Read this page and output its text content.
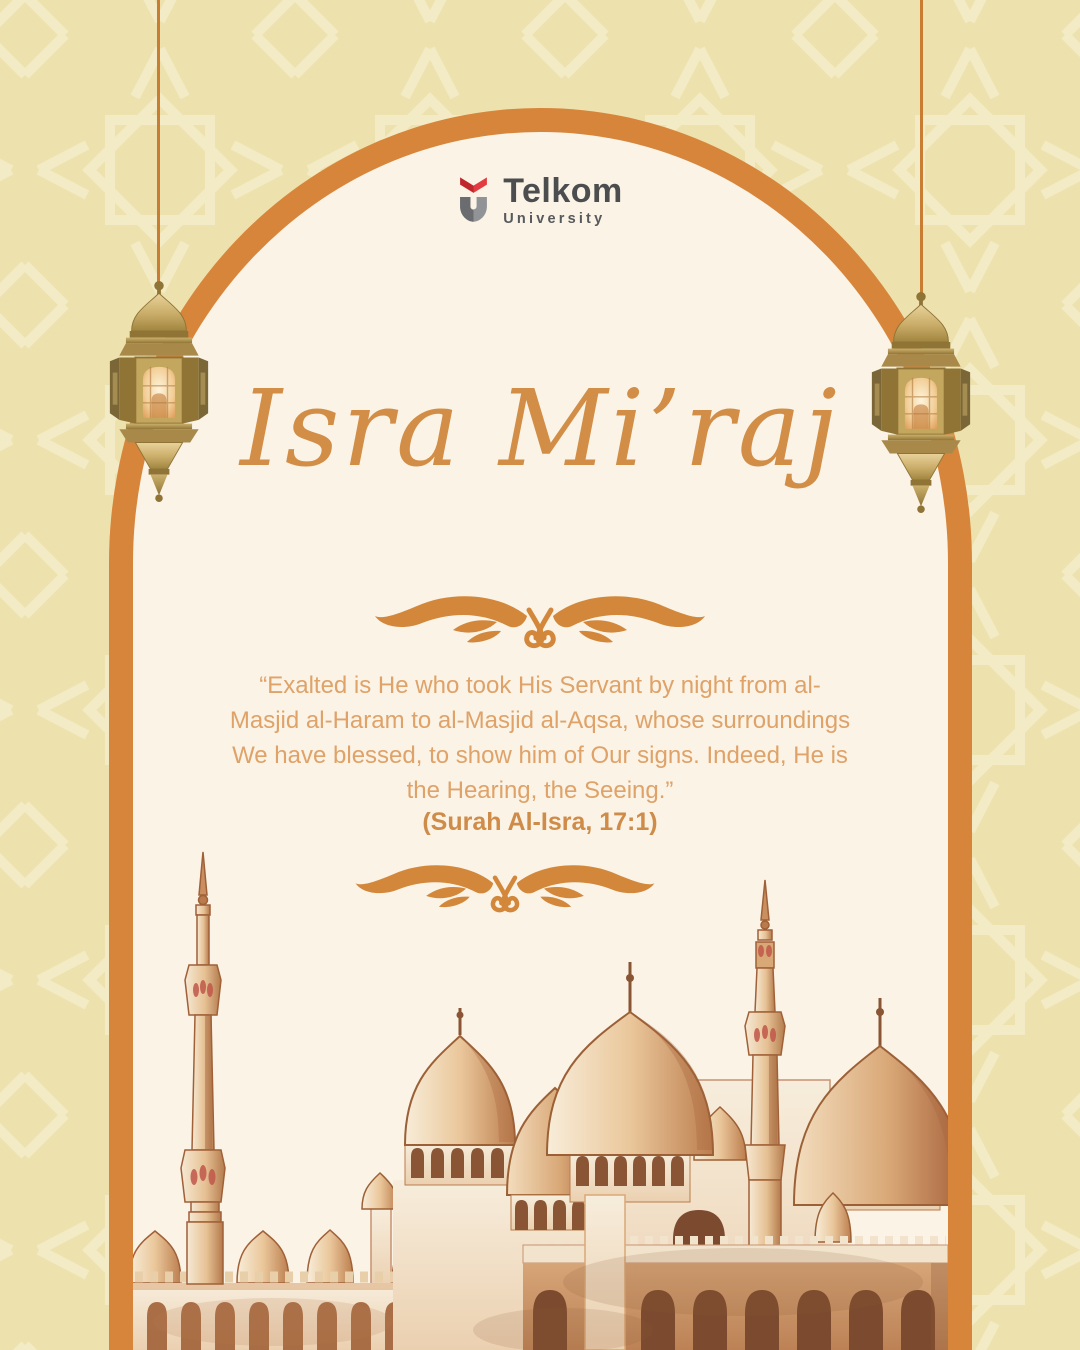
Telkom
University
Isra Mi’raj
“Exalted is He who took His Servant by night from al-
Masjid al-Haram to al-Masjid al-Aqsa, whose surroundings
We have blessed, to show him of Our signs. Indeed, He is
the Hearing, the Seeing.”
(Surah Al-Isra, 17:1)
